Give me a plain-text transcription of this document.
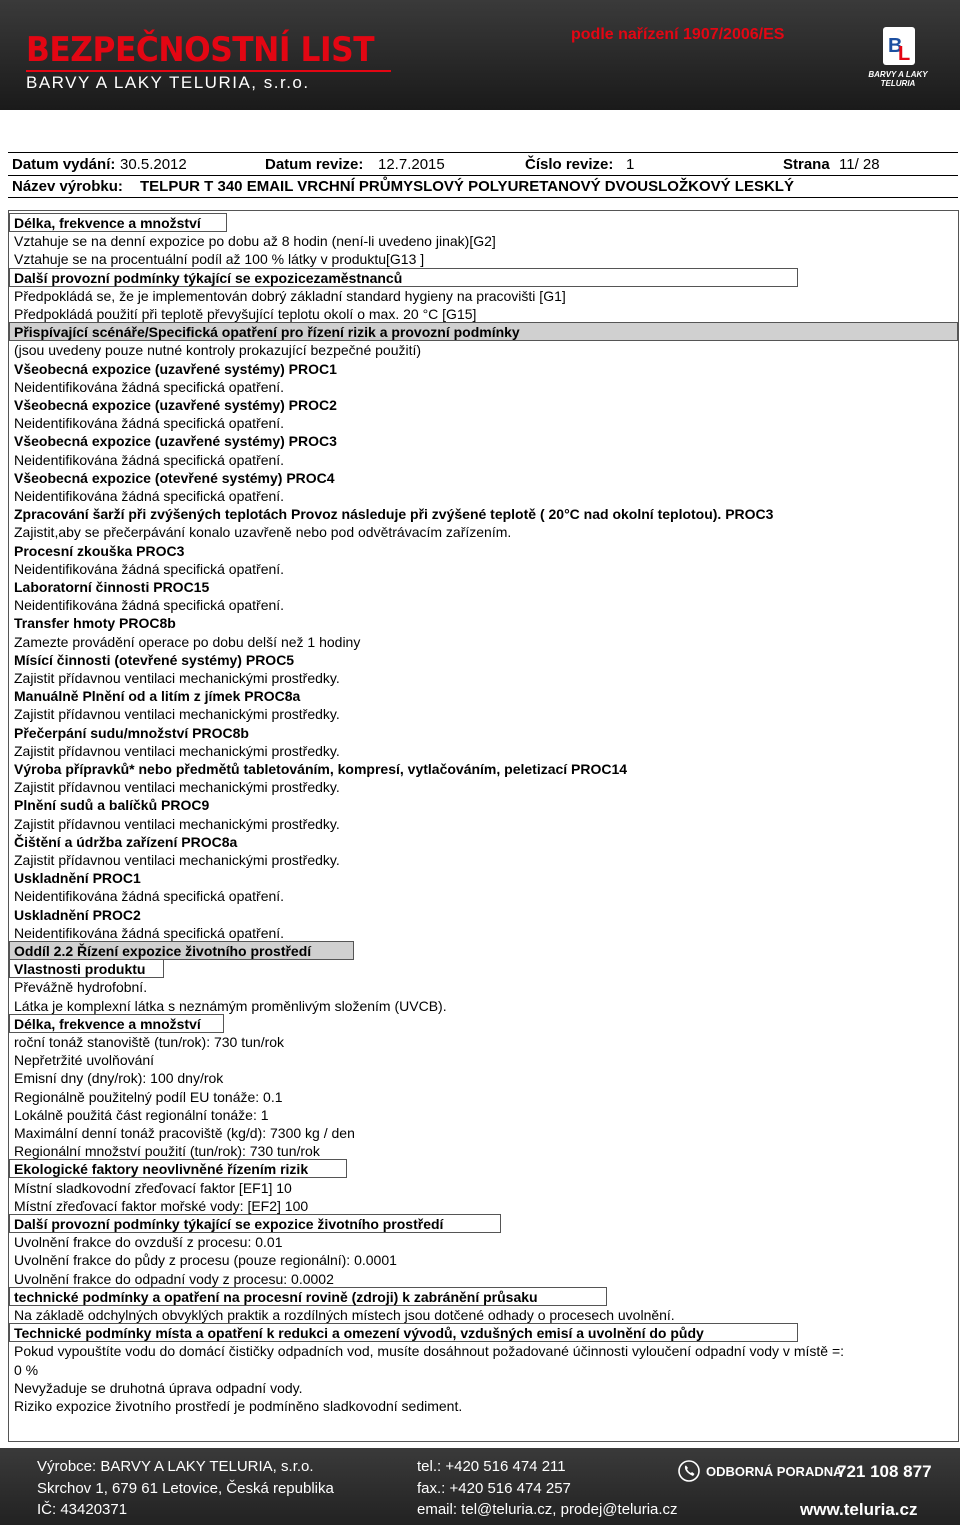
BEZPEČNOSTNÍ LIST
BARVY A LAKY TELURIA, s.r.o.
podle nařízení 1907/2006/ES
B
L
BARVY A LAKY
TELURIA
Datum vydání: 30.5.2012	Datum revize: 12.7.2015	Číslo revize: 1	Strana 11/ 28
Název výrobku: TELPUR T 340 EMAIL VRCHNÍ PRŮMYSLOVÝ POLYURETANOVÝ DVOUSLOŽKOVÝ LESKLÝ
Délka, frekvence a množství
Vztahuje se na denní expozice po dobu až 8 hodin (není-li uvedeno jinak)[G2]
Vztahuje se na procentuální podíl až 100 % látky v produktu[G13 ]
Další provozní podmínky týkající se expozicezaměstnanců
Předpokládá se, že je implementován dobrý základní standard hygieny na pracovišti [G1]
Předpokládá použití při teplotě převyšující teplotu okolí o max. 20 °C [G15]
Přispívající scénáře/Specifická opatření pro řízení rizik a provozní podmínky
(jsou uvedeny pouze nutné kontroly prokazující bezpečné použití)
Všeobecná expozice (uzavřené systémy) PROC1
Neidentifikována žádná specifická opatření.
Všeobecná expozice (uzavřené systémy) PROC2
Neidentifikována žádná specifická opatření.
Všeobecná expozice (uzavřené systémy) PROC3
Neidentifikována žádná specifická opatření.
Všeobecná expozice (otevřené systémy) PROC4
Neidentifikována žádná specifická opatření.
Zpracování šarží při zvýšených teplotách Provoz následuje při zvýšené teplotě ( 20°C nad okolní teplotou). PROC3
Zajistit,aby se přečerpávání konalo uzavřeně nebo pod odvětrávacím zařízením.
Procesní zkouška PROC3
Neidentifikována žádná specifická opatření.
Laboratorní činnosti PROC15
Neidentifikována žádná specifická opatření.
Transfer hmoty PROC8b
Zamezte provádění operace po dobu delší než 1 hodiny
Mísící činnosti (otevřené systémy) PROC5
Zajistit přídavnou ventilaci mechanickými prostředky.
Manuálně Plnění od a litím z jímek PROC8a
Zajistit přídavnou ventilaci mechanickými prostředky.
Přečerpání sudu/množství PROC8b
Zajistit přídavnou ventilaci mechanickými prostředky.
Výroba přípravků* nebo předmětů tabletováním, kompresí, vytlačováním, peletizací PROC14
Zajistit přídavnou ventilaci mechanickými prostředky.
Plnění sudů a balíčků PROC9
Zajistit přídavnou ventilaci mechanickými prostředky.
Čištění a údržba zařízení PROC8a
Zajistit přídavnou ventilaci mechanickými prostředky.
Uskladnění PROC1
Neidentifikována žádná specifická opatření.
Uskladnění PROC2
Neidentifikována žádná specifická opatření.
Oddíl 2.2 Řízení expozice životního prostředí
Vlastnosti produktu
Převážně hydrofobní.
Látka je komplexní látka s neznámým proměnlivým složením (UVCB).
Délka, frekvence a množství
roční tonáž stanoviště (tun/rok): 730 tun/rok
Nepřetržité uvolňování
Emisní dny (dny/rok): 100 dny/rok
Regionálně použitelný podíl EU tonáže: 0.1
Lokálně použitá část regionální tonáže: 1
Maximální denní tonáž pracoviště (kg/d): 7300 kg / den
Regionální množství použití (tun/rok): 730 tun/rok
Ekologické faktory neovlivněné řízením rizik
Místní sladkovodní zřeďovací faktor [EF1] 10
Místní zřeďovací faktor mořské vody: [EF2] 100
Další provozní podmínky týkající se expozice životního prostředí
Uvolnění frakce do ovzduší z procesu: 0.01
Uvolnění frakce do půdy z procesu (pouze regionální): 0.0001
Uvolnění frakce do odpadní vody z procesu: 0.0002
technické podmínky a opatření na procesní rovině (zdroji) k zabránění průsaku
Na základě odchylných obvyklých praktik a rozdílných místech jsou dotčené odhady o procesech uvolnění.
Technické podmínky místa a opatření k redukci a omezení vývodů, vzdušných emisí a uvolnění do půdy
Pokud vypouštíte vodu do domácí čističky odpadních vod, musíte dosáhnout požadované účinnosti vyloučení odpadní vody v místě =:
0 %
Nevyžaduje se druhotná úprava odpadní vody.
Riziko expozice životního prostředí je podmíněno sladkovodní sediment.
Výrobce: BARVY A LAKY TELURIA, s.r.o.
Skrchov 1, 679 61 Letovice, Česká republika
IČ: 43420371
tel.: +420 516 474 211
fax.: +420 516 474 257
email: tel@teluria.cz, prodej@teluria.cz
ODBORNÁ PORADNA
721 108 877
www.teluria.cz
